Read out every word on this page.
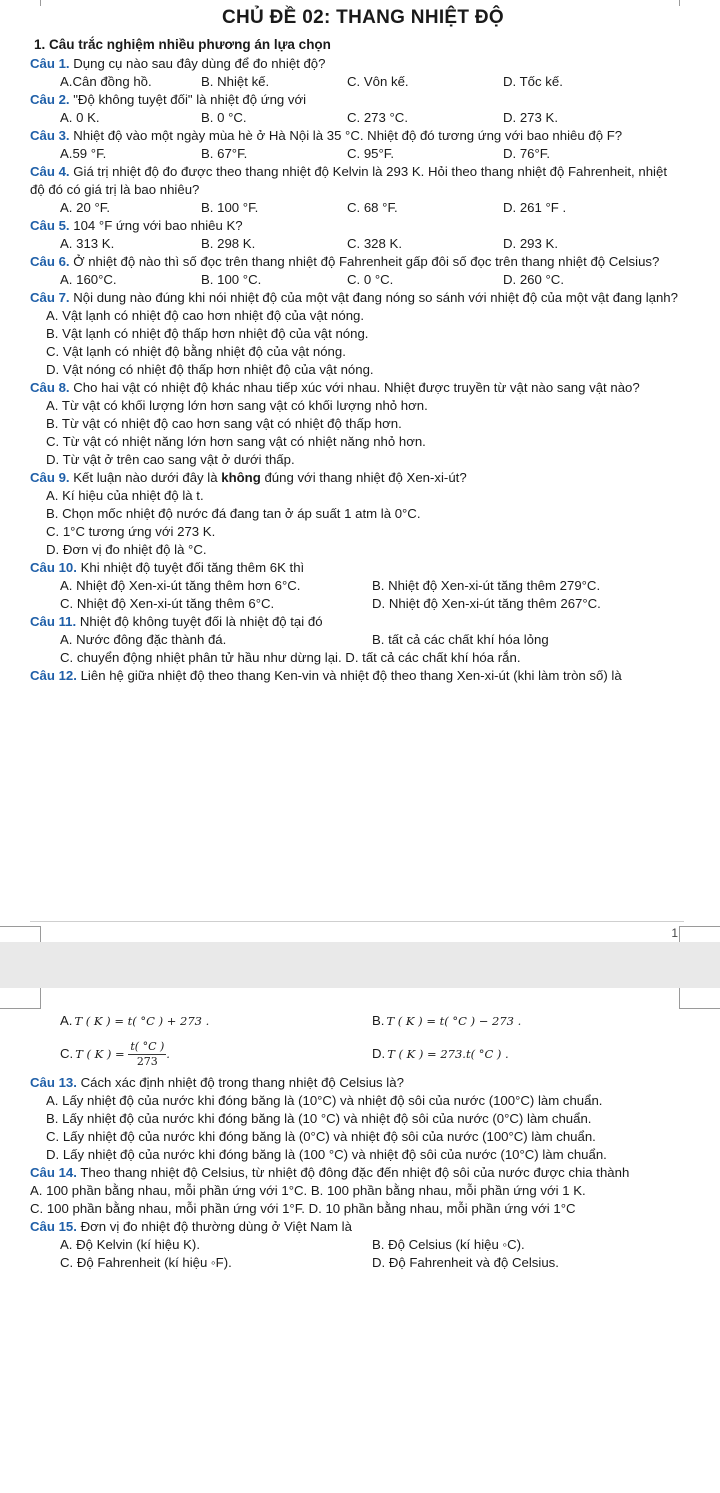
CHỦ ĐỀ 02: THANG NHIỆT ĐỘ
1. Câu trắc nghiệm nhiều phương án lựa chọn

Câu 1. Dụng cụ nào sau đây dùng để đo nhiệt độ?

A.Cân đồng hồ.	B. Nhiệt kế.	C. Vôn kế.	D. Tốc kế.

Câu 2. "Độ không tuyệt đối" là nhiệt độ ứng với

A. 0 K.	B. 0 °C.	C. 273 °C.	D. 273 K.

Câu 3. Nhiệt độ vào một ngày mùa hè ở Hà Nội là 35 °C. Nhiệt độ đó tương ứng với bao nhiêu độ F?

A.59 °F.	B. 67°F.	C. 95°F.	D. 76°F.

Câu 4. Giá trị nhiệt độ đo được theo thang nhiệt độ Kelvin là 293 K. Hỏi theo thang nhiệt độ Fahrenheit, nhiệt độ đó có giá trị là bao nhiêu?

A. 20 °F.	B. 100 °F.	C. 68 °F.	D. 261 °F .

Câu 5. 104 °F ứng với bao nhiêu K?

A. 313 K.	B. 298 K.	C. 328 K.	D. 293 K.

Câu 6. Ở nhiệt độ nào thì số đọc trên thang nhiệt độ Fahrenheit gấp đôi số đọc trên thang nhiệt độ Celsius?

A. 160°C.	B. 100 °C.	C. 0 °C.	D. 260 °C.

Câu 7. Nội dung nào đúng khi nói nhiệt độ của một vật đang nóng so sánh với nhiệt độ của một vật đang lạnh?

A. Vật lạnh có nhiệt độ cao hơn nhiệt độ của vật nóng.
B. Vật lạnh có nhiệt độ thấp hơn nhiệt độ của vật nóng.
C. Vật lạnh có nhiệt độ bằng nhiệt độ của vật nóng.
D. Vật nóng có nhiệt độ thấp hơn nhiệt độ của vật nóng.

Câu 8. Cho hai vật có nhiệt độ khác nhau tiếp xúc với nhau. Nhiệt được truyền từ vật nào sang vật nào?

A. Từ vật có khối lượng lớn hơn sang vật có khối lượng nhỏ hơn.
B. Từ vật có nhiệt độ cao hơn sang vật có nhiệt độ thấp hơn.
C. Từ vật có nhiệt năng lớn hơn sang vật có nhiệt năng nhỏ hơn.
D. Từ vật ở trên cao sang vật ở dưới thấp.

Câu 9. Kết luận nào dưới đây là không đúng với thang nhiệt độ Xen-xi-út?

A. Kí hiệu của nhiệt độ là t.
B. Chọn mốc nhiệt độ nước đá đang tan ở áp suất 1 atm là 0°C.
C. 1°C tương ứng với 273 K.
D. Đơn vị đo nhiệt độ là °C.

Câu 10. Khi nhiệt độ tuyệt đối tăng thêm 6K thì

A. Nhiệt độ Xen-xi-út tăng thêm hơn 6°C.	B. Nhiệt độ Xen-xi-út tăng thêm 279°C.
C. Nhiệt độ Xen-xi-út tăng thêm 6°C.	D. Nhiệt độ Xen-xi-út tăng thêm 267°C.

Câu 11. Nhiệt độ không tuyệt đối là nhiệt độ tại đó

A. Nước đông đặc thành đá.	B. tất cả các chất khí hóa lỏng
C. chuyển động nhiệt phân tử hầu như dừng lại. D. tất cả các chất khí hóa rắn.

Câu 12. Liên hệ giữa nhiệt độ theo thang Ken-vin và nhiệt độ theo thang Xen-xi-út (khi làm tròn số) là

1
A. T ( K ) = t( °C ) + 273 .	B. T ( K ) = t( °C ) − 273 .
C. T ( K ) =
$\frac{t( ^\circ C )}{273}$ .	D. T ( K ) = 273.t( °C ) .

Câu 13. Cách xác định nhiệt độ trong thang nhiệt độ Celsius là?

A. Lấy nhiệt độ của nước khi đóng băng là (10°C) và nhiệt độ sôi của nước (100°C) làm chuẩn.
B. Lấy nhiệt độ của nước khi đóng băng là (10 °C) và nhiệt độ sôi của nước (0°C) làm chuẩn.
C. Lấy nhiệt độ của nước khi đóng băng là (0°C) và nhiệt độ sôi của nước (100°C) làm chuẩn.
D. Lấy nhiệt độ của nước khi đóng băng là (100 °C) và nhiệt độ sôi của nước (10°C) làm chuẩn.

Câu 14. Theo thang nhiệt độ Celsius, từ nhiệt độ đông đặc đến nhiệt độ sôi của nước được chia thành

A. 100 phần bằng nhau, mỗi phần ứng với 1°C. B. 100 phần bằng nhau, mỗi phần ứng với 1 K.
C. 100 phần bằng nhau, mỗi phần ứng với 1°F. D. 10 phần bằng nhau, mỗi phần ứng với 1°C

Câu 15. Đơn vị đo nhiệt độ thường dùng ở Việt Nam là

A. Độ Kelvin (kí hiệu K).	B. Độ Celsius (kí hiệu ◦C).
C. Độ Fahrenheit (kí hiệu ◦F).	D. Độ Fahrenheit và độ Celsius.
